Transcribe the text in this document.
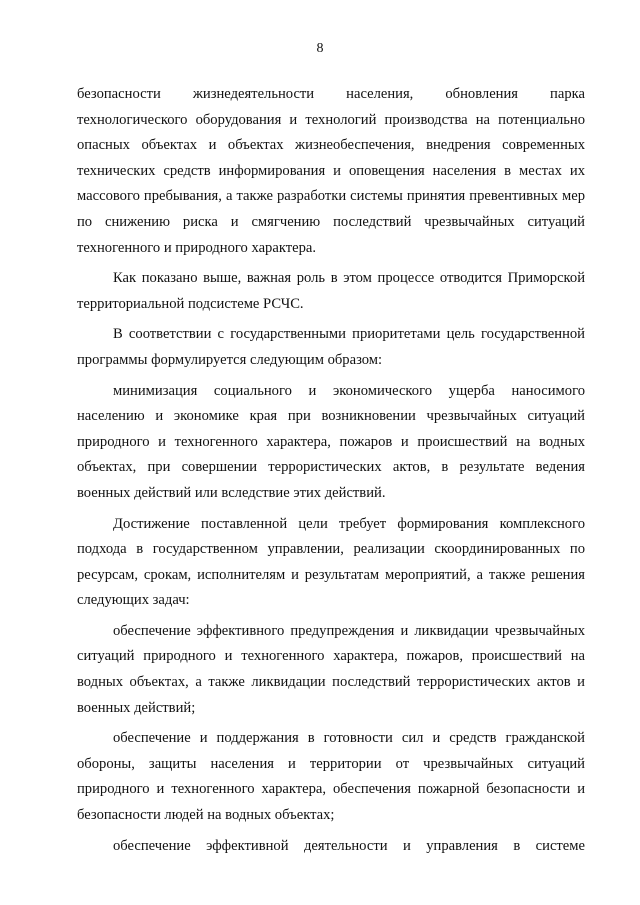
8

безопасности жизнедеятельности населения, обновления парка технологического оборудования и технологий производства на потенциально опасных объектах и объектах жизнеобеспечения, внедрения современных технических средств информирования и оповещения населения в местах их массового пребывания, а также разработки системы принятия превентивных мер по снижению риска и смягчению последствий чрезвычайных ситуаций техногенного и природного характера.

Как показано выше, важная роль в этом процессе отводится Приморской территориальной подсистеме РСЧС.

В соответствии с государственными приоритетами цель государственной программы формулируется следующим образом:

минимизация социального и экономического ущерба наносимого населению и экономике края при возникновении чрезвычайных ситуаций природного и техногенного характера, пожаров и происшествий на водных объектах, при совершении террористических актов, в результате ведения военных действий или вследствие этих действий.

Достижение поставленной цели требует формирования комплексного подхода в государственном управлении, реализации скоординированных по ресурсам, срокам, исполнителям и результатам мероприятий, а также решения следующих задач:

обеспечение эффективного предупреждения и ликвидации чрезвычайных ситуаций природного и техногенного характера, пожаров, происшествий на водных объектах, а также ликвидации последствий террористических актов и военных действий;

обеспечение и поддержания в готовности сил и средств гражданской обороны, защиты населения и территории от чрезвычайных ситуаций природного и техногенного характера, обеспечения пожарной безопасности и безопасности людей на водных объектах;

обеспечение эффективной деятельности и управления в системе
